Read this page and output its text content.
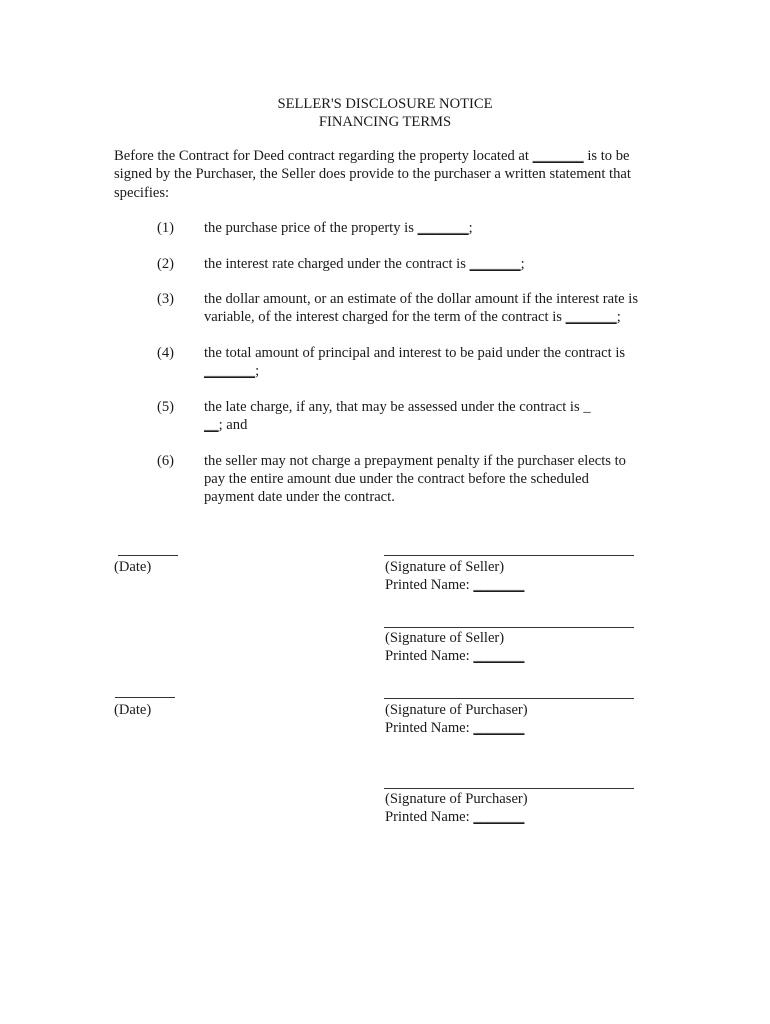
SELLER'S DISCLOSURE NOTICE
FINANCING TERMS
Before the Contract for Deed contract regarding the property located at _______ is to be
signed by the Purchaser, the Seller does provide to the purchaser a written statement that
specifies:
(1)	the purchase price of the property is _______;
(2)	the interest rate charged under the contract is _______;
(3)	the dollar amount, or an estimate of the dollar amount if the interest rate is
variable, of the interest charged for the term of the contract is _______;
(4)	the total amount of principal and interest to be paid under the contract is
_______;
(5)	the late charge, if any, that may be assessed under the contract is _
__; and
(6)	the seller may not charge a prepayment penalty if the purchaser elects to
pay the entire amount due under the contract before the scheduled
payment date under the contract.
(Date)	(Signature of Seller)
Printed Name: _______
(Signature of Seller)
Printed Name: _______
(Date)	(Signature of Purchaser)
Printed Name: _______
(Signature of Purchaser)
Printed Name: _______
